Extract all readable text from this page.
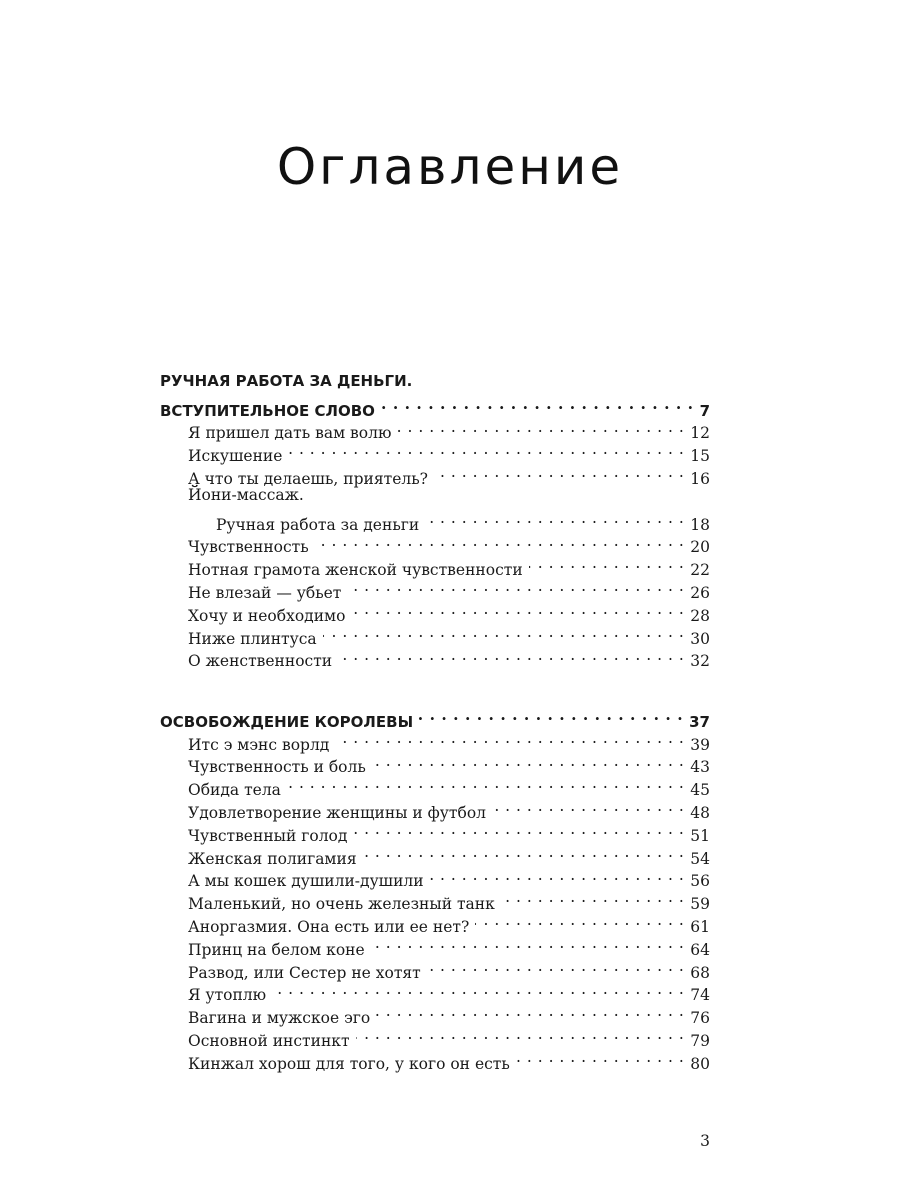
Оглавление
РУЧНАЯ РАБОТА ЗА ДЕНЬГИ.
ВСТУПИТЕЛЬНОЕ СЛОВО . . .	7
Я пришел дать вам волю . . .	12
Искушение . . .	15
А что ты делаешь, приятель? . . .	16
Йони-массаж.
Ручная работа за деньги . . .	18
Чувственность . . .	20
Нотная грамота женской чувственности . . .	22
Не влезай — убьет . . .	26
Хочу и необходимо . . .	28
Ниже плинтуса . . .	30
О женственности . . .	32
ОСВОБОЖДЕНИЕ КОРОЛЕВЫ . . .	37
Итс э мэнс ворлд . . .	39
Чувственность и боль . . .	43
Обида тела . . .	45
Удовлетворение женщины и футбол . . .	48
Чувственный голод . . .	51
Женская полигамия . . .	54
А мы кошек душили-душили . . .	56
Маленький, но очень железный танк . . .	59
Аноргазмия. Она есть или ее нет? . . .	61
Принц на белом коне . . .	64
Развод, или Сестер не хотят . . .	68
Я утоплю . . .	74
Вагина и мужское эго . . .	76
Основной инстинкт . . .	79
Кинжал хорош для того, у кого он есть . . .	80
3
